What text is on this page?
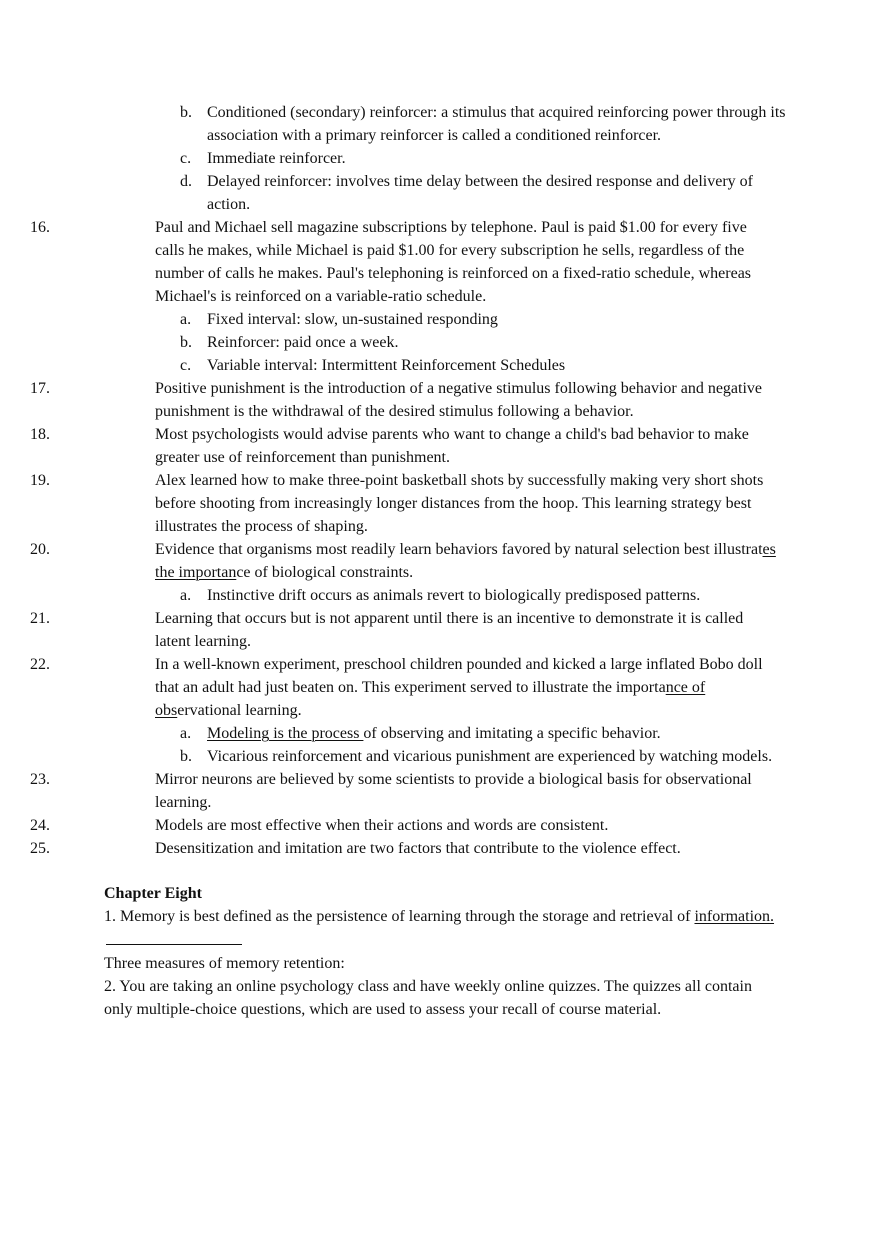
b. Conditioned (secondary) reinforcer: a stimulus that acquired reinforcing power through its association with a primary reinforcer is called a conditioned reinforcer.
c. Immediate reinforcer.
d. Delayed reinforcer: involves time delay between the desired response and delivery of action.
16.	Paul and Michael sell magazine subscriptions by telephone. Paul is paid $1.00 for every five calls he makes, while Michael is paid $1.00 for every subscription he sells, regardless of the number of calls he makes. Paul's telephoning is reinforced on a fixed-ratio schedule, whereas Michael's is reinforced on a variable-ratio schedule.
a. Fixed interval: slow, un-sustained responding
b. Reinforcer: paid once a week.
c. Variable interval: Intermittent Reinforcement Schedules
17.	Positive punishment is the introduction of a negative stimulus following behavior and negative punishment is the withdrawal of the desired stimulus following a behavior.
18.	Most psychologists would advise parents who want to change a child's bad behavior to make greater use of reinforcement than punishment.
19.	Alex learned how to make three-point basketball shots by successfully making very short shots before shooting from increasingly longer distances from the hoop. This learning strategy best illustrates the process of shaping.
20.	Evidence that organisms most readily learn behaviors favored by natural selection best illustrates the importance of biological constraints.
a. Instinctive drift occurs as animals revert to biologically predisposed patterns.
21.	Learning that occurs but is not apparent until there is an incentive to demonstrate it is called latent learning.
22.	In a well-known experiment, preschool children pounded and kicked a large inflated Bobo doll that an adult had just beaten on. This experiment served to illustrate the importance of observational learning.
a. Modeling is the process of observing and imitating a specific behavior.
b. Vicarious reinforcement and vicarious punishment are experienced by watching models.
23.	Mirror neurons are believed by some scientists to provide a biological basis for observational learning.
24.	Models are most effective when their actions and words are consistent.
25.	Desensitization and imitation are two factors that contribute to the violence effect.
Chapter Eight
1. Memory is best defined as the persistence of learning through the storage and retrieval of information.
Three measures of memory retention:
2. You are taking an online psychology class and have weekly online quizzes. The quizzes all contain only multiple-choice questions, which are used to assess your recall of course material.
